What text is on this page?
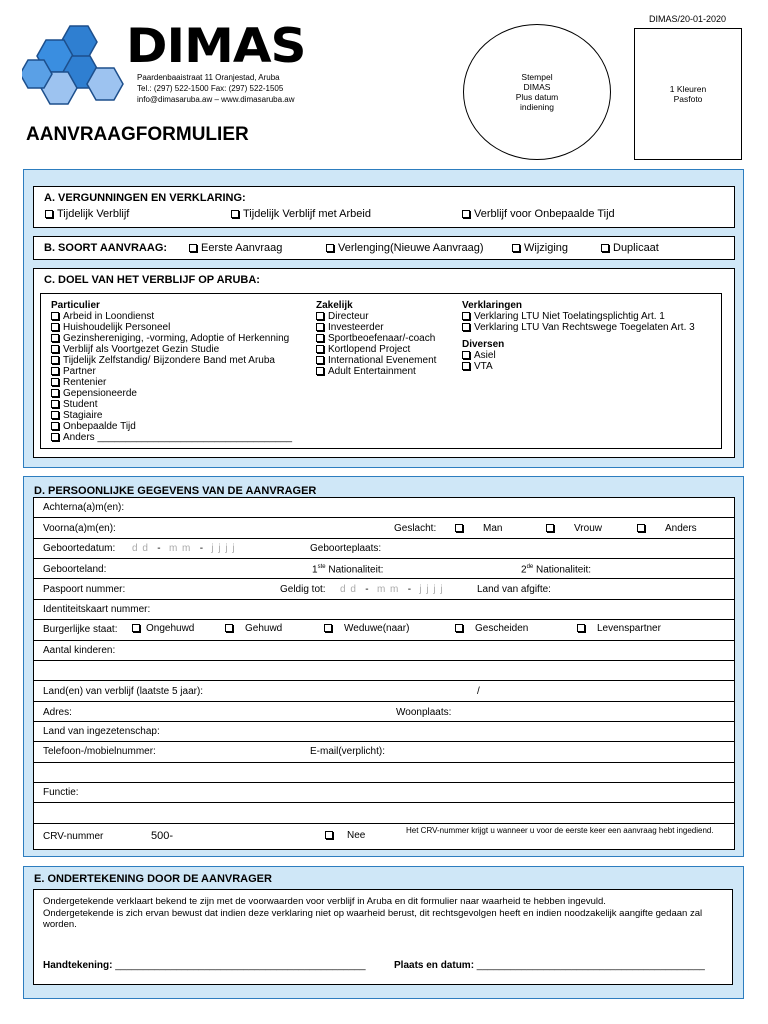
DIMAS/20-01-2020
DIMAS
Paardenbaaistraat 11 Oranjestad, Aruba
Tel.: (297) 522-1500 Fax: (297) 522-1505
info@dimasaruba.aw – www.dimasaruba.aw
Stempel
DIMAS
Plus datum
indiening
1 Kleuren
Pasfoto
AANVRAAGFORMULIER
A. VERGUNNINGEN EN VERKLARING:
Tijdelijk Verblijf	Tijdelijk Verblijf met Arbeid	Verblijf voor Onbepaalde Tijd
B. SOORT AANVRAAG:	Eerste Aanvraag	Verlenging(Nieuwe Aanvraag)	Wijziging	Duplicaat
C. DOEL VAN HET VERBLIJF OP ARUBA:
Particulier
Arbeid in Loondienst
Huishoudelijk Personeel
Gezinshereniging, -vorming, Adoptie of Herkenning
Verblijf als Voortgezet Gezin Studie
Tijdelijk Zelfstandig/ Bijzondere Band met Aruba
Partner
Rentenier
Gepensioneerde
Student
Stagiaire
Onbepaalde Tijd
Anders ___________________________________
Zakelijk
Directeur
Investeerder
Sportbeoefenaar/-coach
Kortlopend Project
International Evenement
Adult Entertainment
Verklaringen
Verklaring LTU Niet Toelatingsplichtig Art. 1
Verklaring LTU Van Rechtswege Toegelaten Art. 3
Diversen
Asiel
VTA
D. PERSOONLIJKE GEGEVENS VAN DE AANVRAGER
Achterna(a)m(en):
Voorna(a)m(en):	Geslacht:	Man	Vrouw	Anders
Geboortedatum: d d - m m - j j j j	Geboorteplaats:
Geboorteland:	1ste Nationaliteit:	2de Nationaliteit:
Paspoort nummer:	Geldig tot: d d - m m - j j j j	Land van afgifte:
Identiteitskaart nummer:
Burgerlijke staat:	Ongehuwd	Gehuwd	Weduwe(naar)	Gescheiden	Levenspartner
Aantal kinderen:
Land(en) van verblijf (laatste 5 jaar):	/
Adres:	Woonplaats:
Land van ingezetenschap:
Telefoon-/mobielnummer:	E-mail(verplicht):
Functie:
CRV-nummer	500-	Nee	Het CRV-nummer krijgt u wanneer u voor de eerste keer een aanvraag hebt ingediend.
E. ONDERTEKENING DOOR DE AANVRAGER
Ondergetekende verklaart bekend te zijn met de voorwaarden voor verblijf in Aruba en dit formulier naar waarheid te hebben ingevuld.
Ondergetekende is zich ervan bewust dat indien deze verklaring niet op waarheid berust, dit rechtsgevolgen heeft en indien noodzakelijk aangifte gedaan zal worden.
Handtekening: _____________________________________________	Plaats en datum: _________________________________________
